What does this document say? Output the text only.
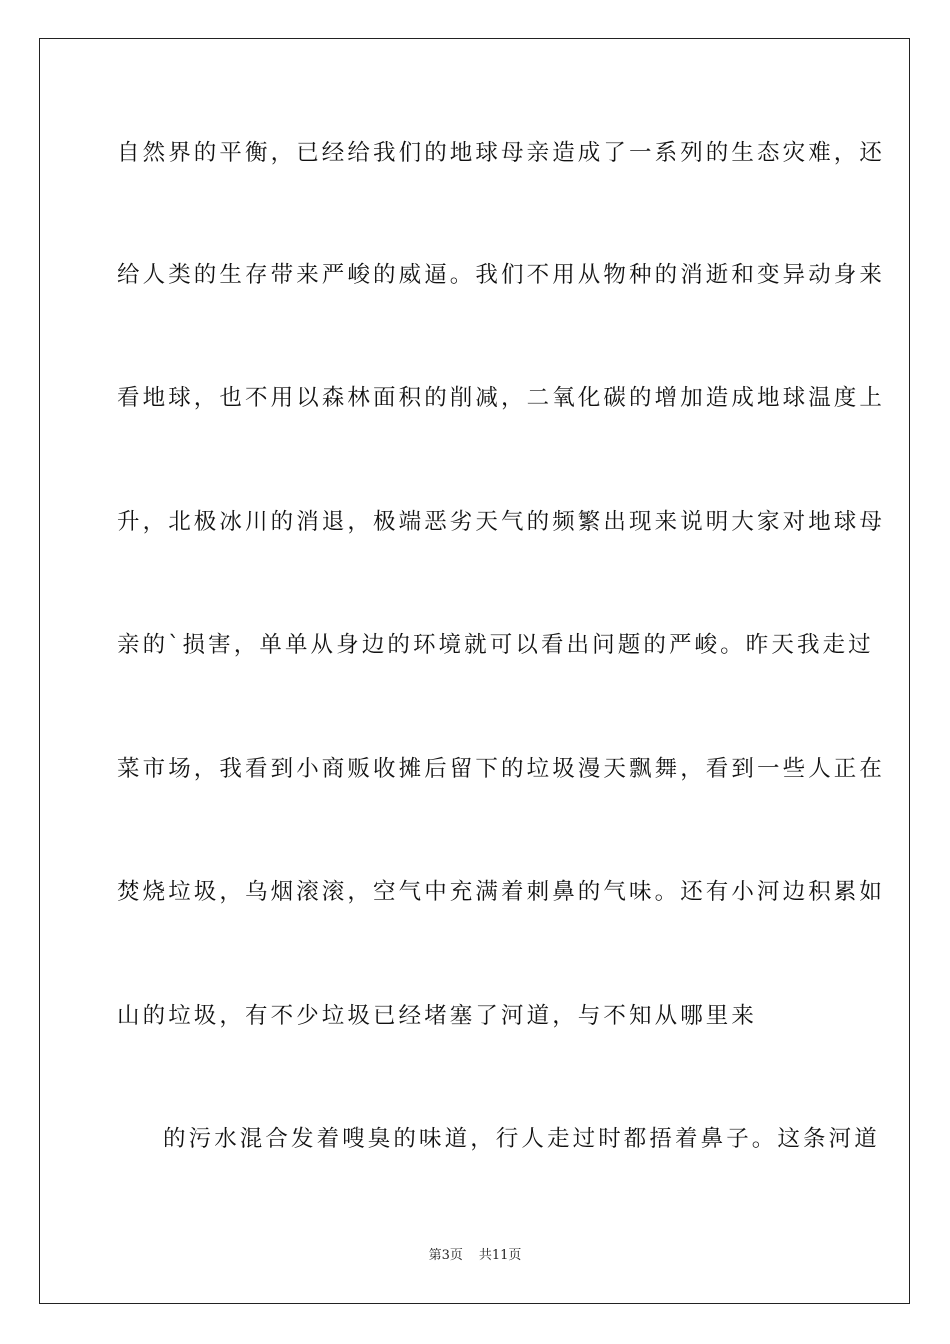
自然界的平衡，已经给我们的地球母亲造成了一系列的生态灾难，还
给人类的生存带来严峻的威逼。我们不用从物种的消逝和变异动身来
看地球，也不用以森林面积的削减，二氧化碳的增加造成地球温度上
升，北极冰川的消退，极端恶劣天气的频繁出现来说明大家对地球母
亲的`损害，单单从身边的环境就可以看出问题的严峻。昨天我走过
菜市场，我看到小商贩收摊后留下的垃圾漫天飘舞，看到一些人正在
焚烧垃圾，乌烟滚滚，空气中充满着刺鼻的气味。还有小河边积累如
山的垃圾，有不少垃圾已经堵塞了河道，与不知从哪里来
的污水混合发着嗖臭的味道，行人走过时都捂着鼻子。这条河道
第3页 共11页
